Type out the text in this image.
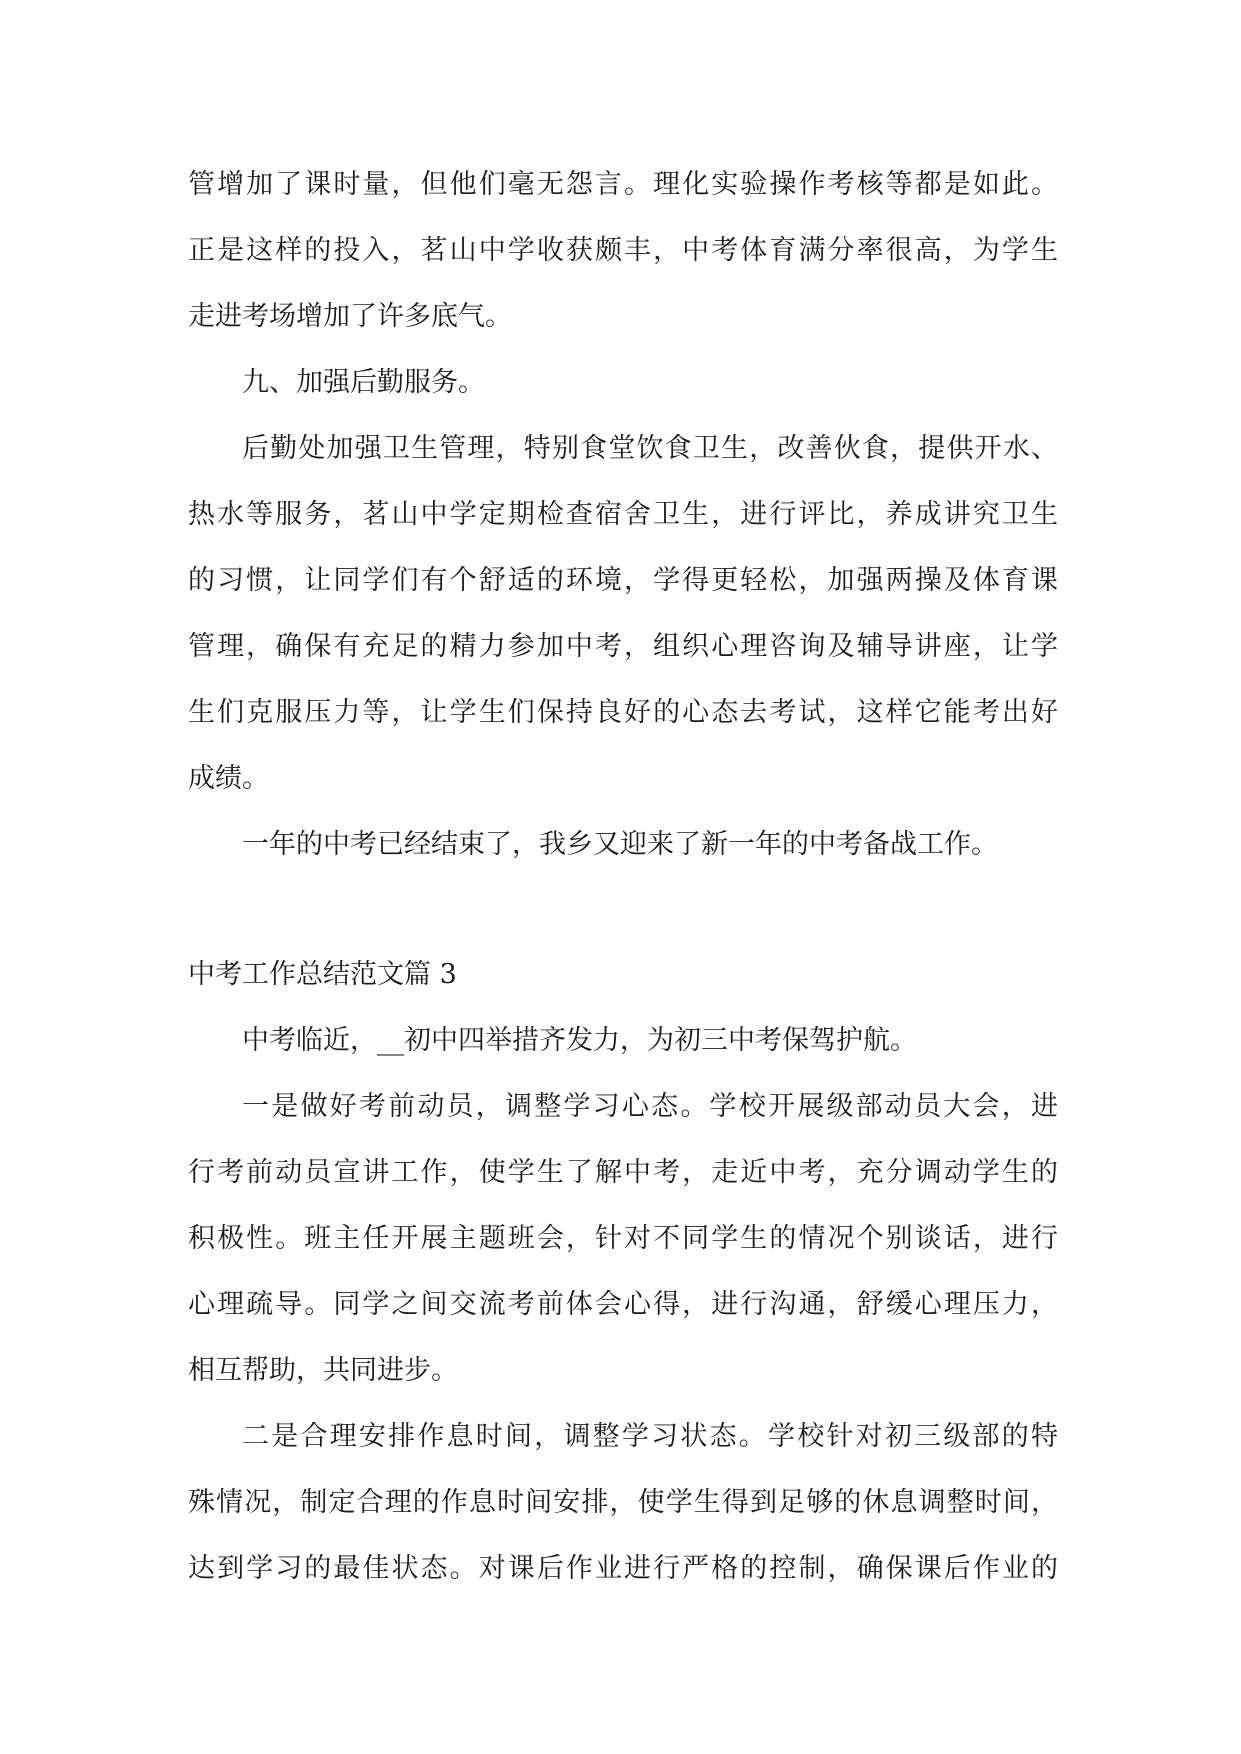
管增加了课时量，但他们毫无怨言。理化实验操作考核等都是如此。
正是这样的投入，茗山中学收获颇丰，中考体育满分率很高，为学生
走进考场增加了许多底气。
九、加强后勤服务。
后勤处加强卫生管理，特别食堂饮食卫生，改善伙食，提供开水、
热水等服务，茗山中学定期检查宿舍卫生，进行评比，养成讲究卫生
的习惯，让同学们有个舒适的环境，学得更轻松，加强两操及体育课
管理，确保有充足的精力参加中考，组织心理咨询及辅导讲座，让学
生们克服压力等，让学生们保持良好的心态去考试，这样它能考出好
成绩。
一年的中考已经结束了，我乡又迎来了新一年的中考备战工作。
中考工作总结范文篇 3
中考临近，__初中四举措齐发力，为初三中考保驾护航。
一是做好考前动员，调整学习心态。学校开展级部动员大会，进
行考前动员宣讲工作，使学生了解中考，走近中考，充分调动学生的
积极性。班主任开展主题班会，针对不同学生的情况个别谈话，进行
心理疏导。同学之间交流考前体会心得，进行沟通，舒缓心理压力，
相互帮助，共同进步。
二是合理安排作息时间，调整学习状态。学校针对初三级部的特
殊情况，制定合理的作息时间安排，使学生得到足够的休息调整时间，
达到学习的最佳状态。对课后作业进行严格的控制，确保课后作业的
